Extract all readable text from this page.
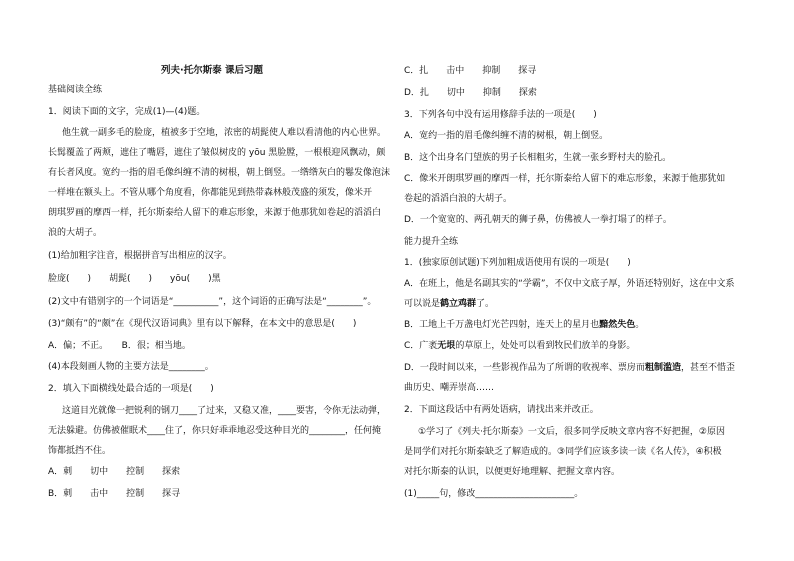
列夫·托尔斯泰 课后习题
基础阅读全练
1．阅读下面的文字，完成(1)—(4)题。
他生就一副多毛的脸庞，植被多于空地，浓密的胡髭使人难以看清他的内心世界。
长髯覆盖了两颊，遮住了嘴唇，遮住了皱似树皮的 yōu 黑脸膛，一根根迎风飘动，颇
有长者风度。宽约一指的眉毛像纠缠不清的树根，朝上倒竖。一绺绺灰白的鬈发像泡沫
一样堆在额头上。不管从哪个角度看，你都能见到热带森林般茂盛的须发，像米开
朗琪罗画的摩西一样，托尔斯泰给人留下的难忘形象，来源于他那犹如卷起的滔滔白
浪的大胡子。
(1)给加粗字注音，根据拼音写出相应的汉字。
脸庞(　　)　　胡髭(　　)　　yōu(　　)黑
(2)文中有错别字的一个词语是“__________”，这个词语的正确写法是“________”。
(3)“颇有”的“颇”在《现代汉语词典》里有以下解释，在本文中的意思是(　　)
A．偏；不正。　　B．很；相当地。
(4)本段刻画人物的主要方法是________。
2．填入下面横线处最合适的一项是(　　)
这道目光就像一把锐利的钢刀____了过来，又稳又准，____要害，令你无法动弹，
无法躲避。仿佛被催眠术____住了，你只好乖乖地忍受这种目光的________，任何掩
饰都抵挡不住。
A．刺　　切中　　控制　　探索
B．刺　　击中　　控制　　探寻
C．扎　　击中　　抑制　　探寻
D．扎　　切中　　抑制　　探索
3．下列各句中没有运用修辞手法的一项是(　　)
A．宽约一指的眉毛像纠缠不清的树根，朝上倒竖。
B．这个出身名门望族的男子长相粗劣，生就一张乡野村夫的脸孔。
C．像米开朗琪罗画的摩西一样，托尔斯泰给人留下的难忘形象，来源于他那犹如
卷起的滔滔白浪的大胡子。
D．一个宽宽的、两孔朝天的狮子鼻，仿佛被人一拳打塌了的样子。
能力提升全练
1．(独家原创试题)下列加粗成语使用有误的一项是(　　)
A．在班上，他是名副其实的“学霸”，不仅中文底子厚，外语还特别好，这在中文系
可以说是鹤立鸡群了。
B．工地上千万盏电灯光芒四射，连天上的星月也黯然失色。
C．广袤无垠的草原上，处处可以看到牧民们放羊的身影。
D．一段时间以来，一些影视作品为了所谓的收视率、票房而粗制滥造，甚至不惜歪
曲历史、嘲弄崇高……
2．下面这段话中有两处语病，请找出来并改正。
①学习了《列夫·托尔斯泰》一文后，很多同学反映文章内容不好把握，②原因
是同学们对托尔斯泰缺乏了解造成的。③同学们应该多读一读《名人传》，④积极
对托尔斯泰的认识，以便更好地理解、把握文章内容。
(1)_____句，修改______________________。
